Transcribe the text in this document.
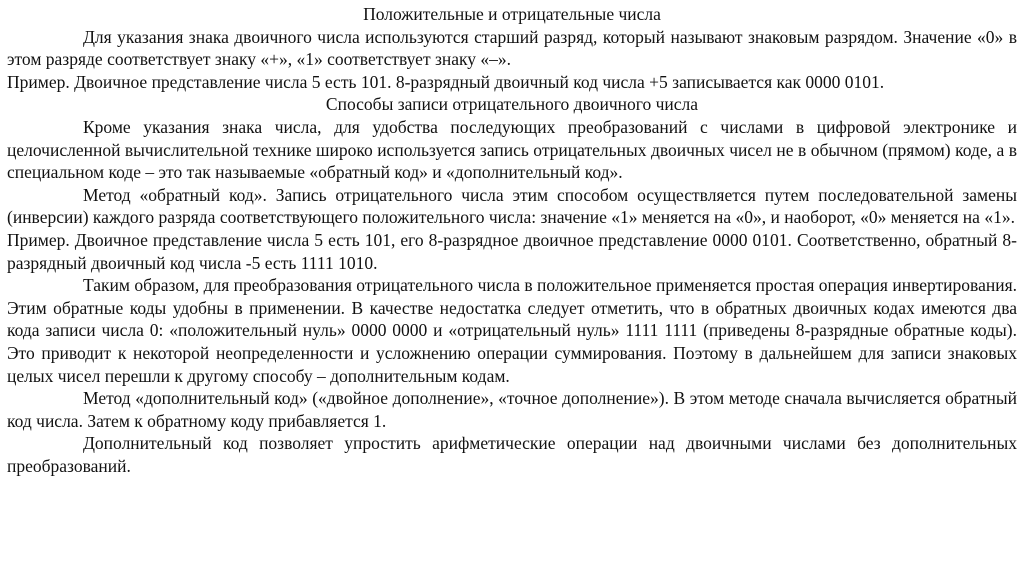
Положительные и отрицательные числа

Для указания знака двоичного числа используются старший разряд, который называют знаковым разрядом. Значение «0» в этом разряде соответствует знаку «+», «1» соответствует знаку «–».

Пример. Двоичное представление числа 5 есть 101. 8-разрядный двоичный код числа +5 записывается как 0000 0101.

Способы записи отрицательного двоичного числа

Кроме указания знака числа, для удобства последующих преобразований с числами в цифровой электронике и целочисленной вычислительной технике широко используется запись отрицательных двоичных чисел не в обычном (прямом) коде, а в специальном коде – это так называемые «обратный код» и «дополнительный код».

Метод «обратный код». Запись отрицательного числа этим способом осуществляется путем последовательной замены (инверсии) каждого разряда соответствующего положительного числа: значение «1» меняется на «0», и наоборот, «0» меняется на «1».

Пример. Двоичное представление числа 5 есть 101, его 8-разрядное двоичное представление 0000 0101. Соответственно, обратный 8-разрядный двоичный код числа -5 есть 1111 1010.

Таким образом, для преобразования отрицательного числа в положительное применяется простая операция инвертирования. Этим обратные коды удобны в применении. В качестве недостатка следует отметить, что в обратных двоичных кодах имеются два кода записи числа 0: «положительный нуль» 0000 0000 и «отрицательный нуль» 1111 1111 (приведены 8-разрядные обратные коды). Это приводит к некоторой неопределенности и усложнению операции суммирования. Поэтому в дальнейшем для записи знаковых целых чисел перешли к другому способу – дополнительным кодам.

Метод «дополнительный код» («двойное дополнение», «точное дополнение»). В этом методе сначала вычисляется обратный код числа. Затем к обратному коду прибавляется 1.

Дополнительный код позволяет упростить арифметические операции над двоичными числами без дополнительных преобразований.
